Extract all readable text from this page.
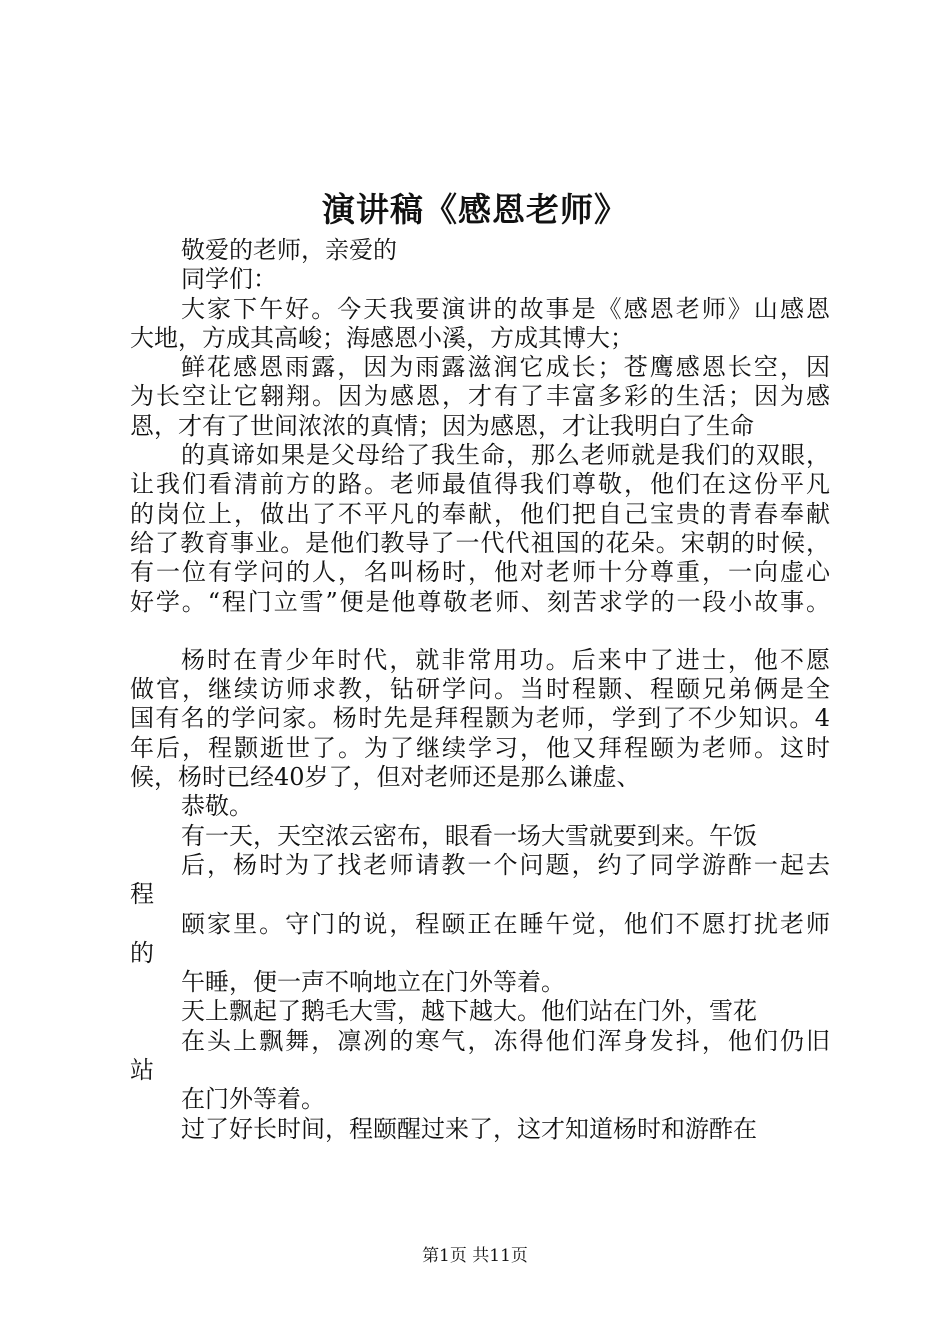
演讲稿《感恩老师》
敬爱的老师，亲爱的
同学们：
大家下午好。今天我要演讲的故事是《感恩老师》山感恩
大地，方成其高峻；海感恩小溪，方成其博大；
鲜花感恩雨露，因为雨露滋润它成长；苍鹰感恩长空，因
为长空让它翱翔。因为感恩，才有了丰富多彩的生活；因为感
恩，才有了世间浓浓的真情；因为感恩，才让我明白了生命
的真谛如果是父母给了我生命，那么老师就是我们的双眼，
让我们看清前方的路。老师最值得我们尊敬，他们在这份平凡
的岗位上，做出了不平凡的奉献，他们把自己宝贵的青春奉献
给了教育事业。是他们教导了一代代祖国的花朵。宋朝的时候，
有一位有学问的人，名叫杨时，他对老师十分尊重，一向虚心
好学。“程门立雪”便是他尊敬老师、刻苦求学的一段小故事。
杨时在青少年时代，就非常用功。后来中了进士，他不愿
做官，继续访师求教，钻研学问。当时程颢、程颐兄弟俩是全
国有名的学问家。杨时先是拜程颢为老师，学到了不少知识。4
年后，程颢逝世了。为了继续学习，他又拜程颐为老师。这时
候，杨时已经40岁了，但对老师还是那么谦虚、
恭敬。
有一天，天空浓云密布，眼看一场大雪就要到来。午饭
后，杨时为了找老师请教一个问题，约了同学游酢一起去
程
颐家里。守门的说，程颐正在睡午觉，他们不愿打扰老师
的
午睡，便一声不响地立在门外等着。
天上飘起了鹅毛大雪，越下越大。他们站在门外，雪花
在头上飘舞，凛冽的寒气，冻得他们浑身发抖，他们仍旧
站
在门外等着。
过了好长时间，程颐醒过来了，这才知道杨时和游酢在
第1页 共11页
